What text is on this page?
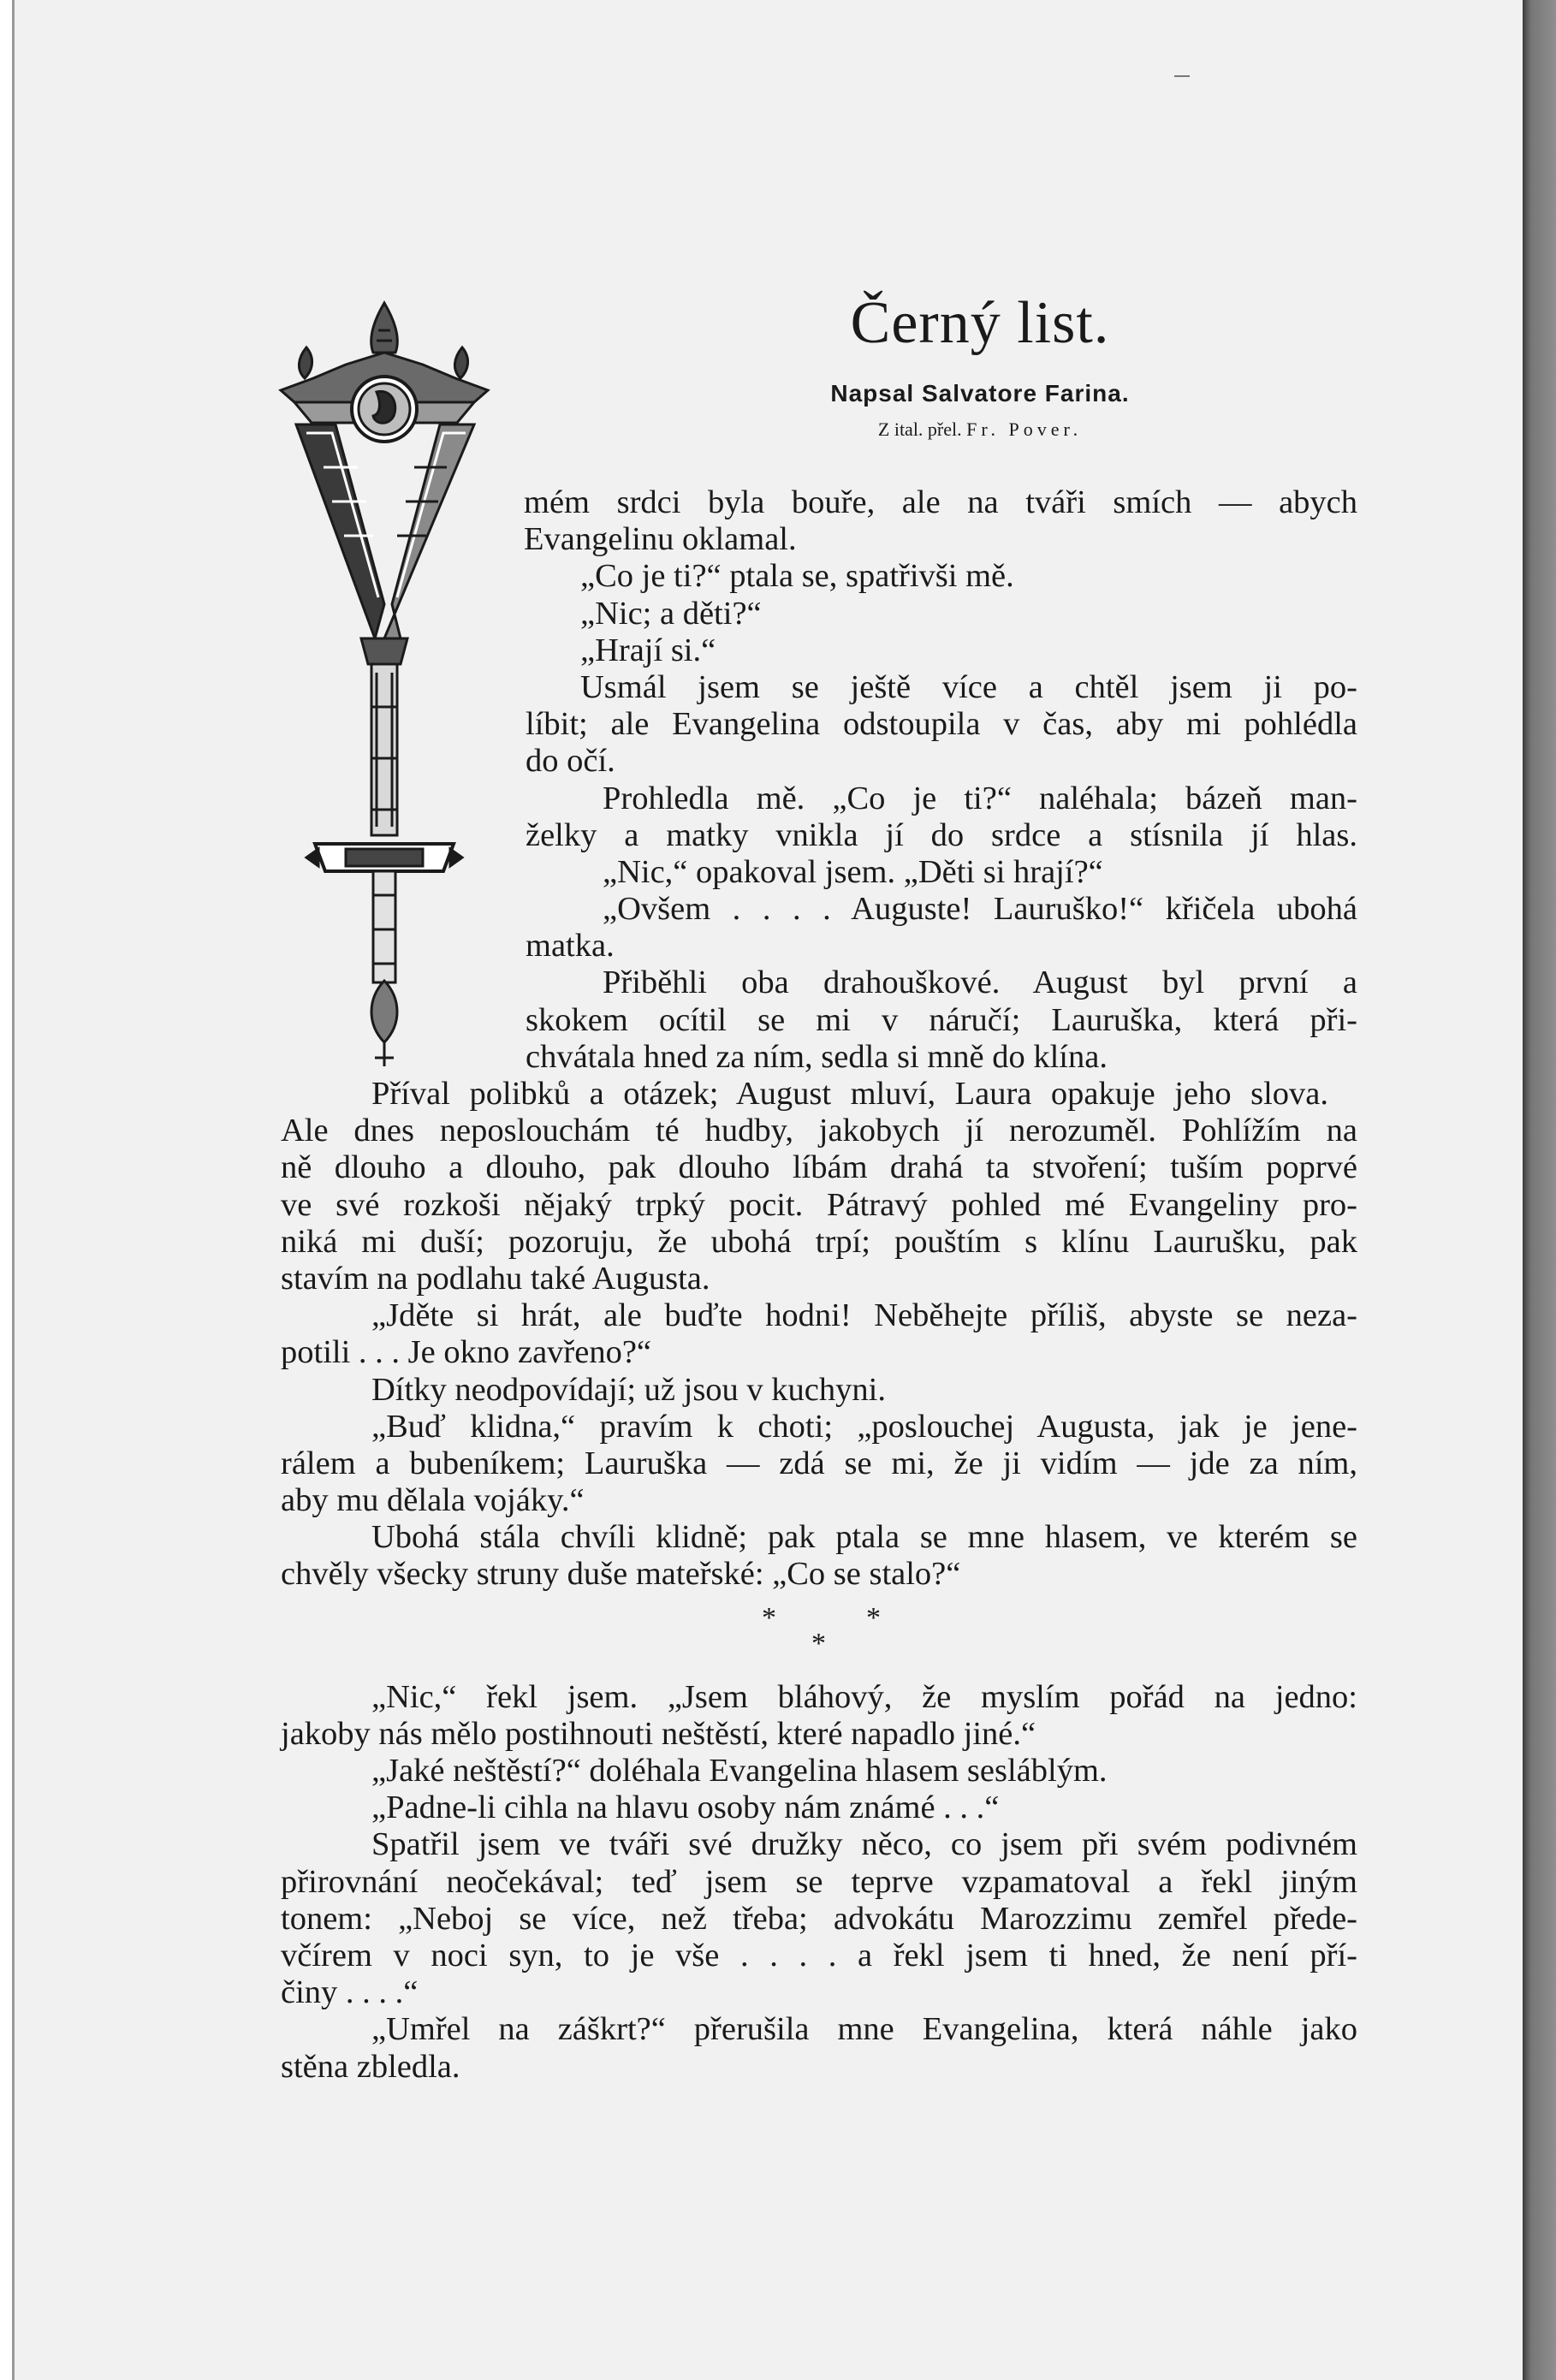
Černý list.
Napsal Salvatore Farina.
Z ital. přel. Fr. Pover.
mém srdci byla bouře, ale na tváři smích — abych
Evangelinu oklamal.
„Co je ti?“ ptala se, spatřivši mě.
„Nic; a děti?“
„Hrají si.“
Usmál jsem se ještě více a chtěl jsem ji po-
líbit; ale Evangelina odstoupila v čas, aby mi pohlédla
do očí.
Prohledla mě. „Co je ti?“ naléhala; bázeň man-
želky a matky vnikla jí do srdce a stísnila jí hlas.
„Nic,“ opakoval jsem. „Děti si hrají?“
„Ovšem . . . . Auguste! Lauruško!“ křičela ubohá
matka.
Přiběhli oba drahouškové. August byl první a
skokem ocítil se mi v náručí; Lauruška, která při-
chvátala hned za ním, sedla si mně do klína.
Příval polibků a otázek; August mluví, Laura opakuje jeho slova.
Ale dnes neposlouchám té hudby, jakobych jí nerozuměl. Pohlížím na
ně dlouho a dlouho, pak dlouho líbám drahá ta stvoření; tuším poprvé
ve své rozkoši nějaký trpký pocit. Pátravý pohled mé Evangeliny pro-
niká mi duší; pozoruju, že ubohá trpí; pouštím s klínu Laurušku, pak
stavím na podlahu také Augusta.
„Jděte si hrát, ale buďte hodni! Neběhejte příliš, abyste se neza-
potili . . . Je okno zavřeno?“
Dítky neodpovídají; už jsou v kuchyni.
„Buď klidna,“ pravím k choti; „poslouchej Augusta, jak je jene-
rálem a bubeníkem; Lauruška — zdá se mi, že ji vidím — jde za ním,
aby mu dělala vojáky.“
Ubohá stála chvíli klidně; pak ptala se mne hlasem, ve kterém se
chvěly všecky struny duše mateřské: „Co se stalo?“
*
*
*
„Nic,“ řekl jsem. „Jsem bláhový, že myslím pořád na jedno:
jakoby nás mělo postihnouti neštěstí, které napadlo jiné.“
„Jaké neštěstí?“ doléhala Evangelina hlasem sesláblým.
„Padne-li cihla na hlavu osoby nám známé . . .“
Spatřil jsem ve tváři své družky něco, co jsem při svém podivném
přirovnání neočekával; teď jsem se teprve vzpamatoval a řekl jiným
tonem: „Neboj se více, než třeba; advokátu Marozzimu zemřel přede-
včírem v noci syn, to je vše . . . . a řekl jsem ti hned, že není pří-
činy . . . .“
„Umřel na záškrt?“ přerušila mne Evangelina, která náhle jako
stěna zbledla.
